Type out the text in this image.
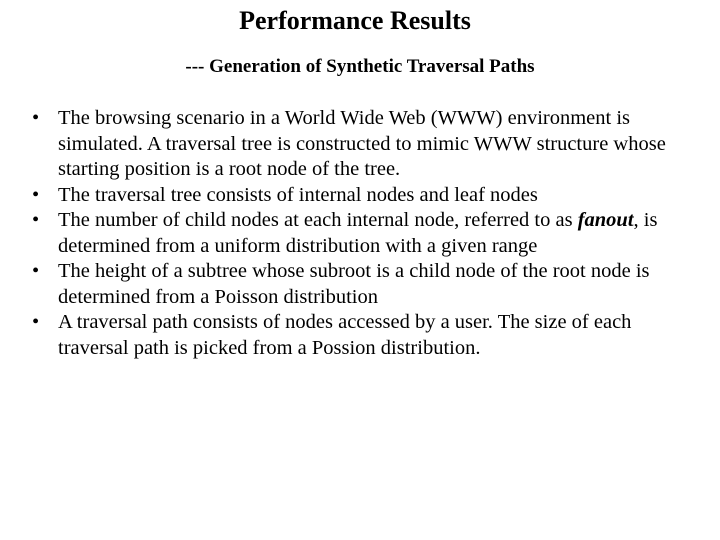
Performance Results
--- Generation of Synthetic Traversal Paths
• The browsing scenario in a World Wide Web (WWW) environment is simulated. A traversal tree is constructed to mimic WWW structure whose starting position is a root node of the tree.
• The traversal tree consists of internal nodes and leaf nodes
• The number of child nodes at each internal node, referred to as fanout, is determined from a uniform distribution with a given range
• The height of a subtree whose subroot is a child node of the root node is determined from a Poisson distribution
• A traversal path consists of nodes accessed by a user. The size of each traversal path is picked from a Possion distribution.
